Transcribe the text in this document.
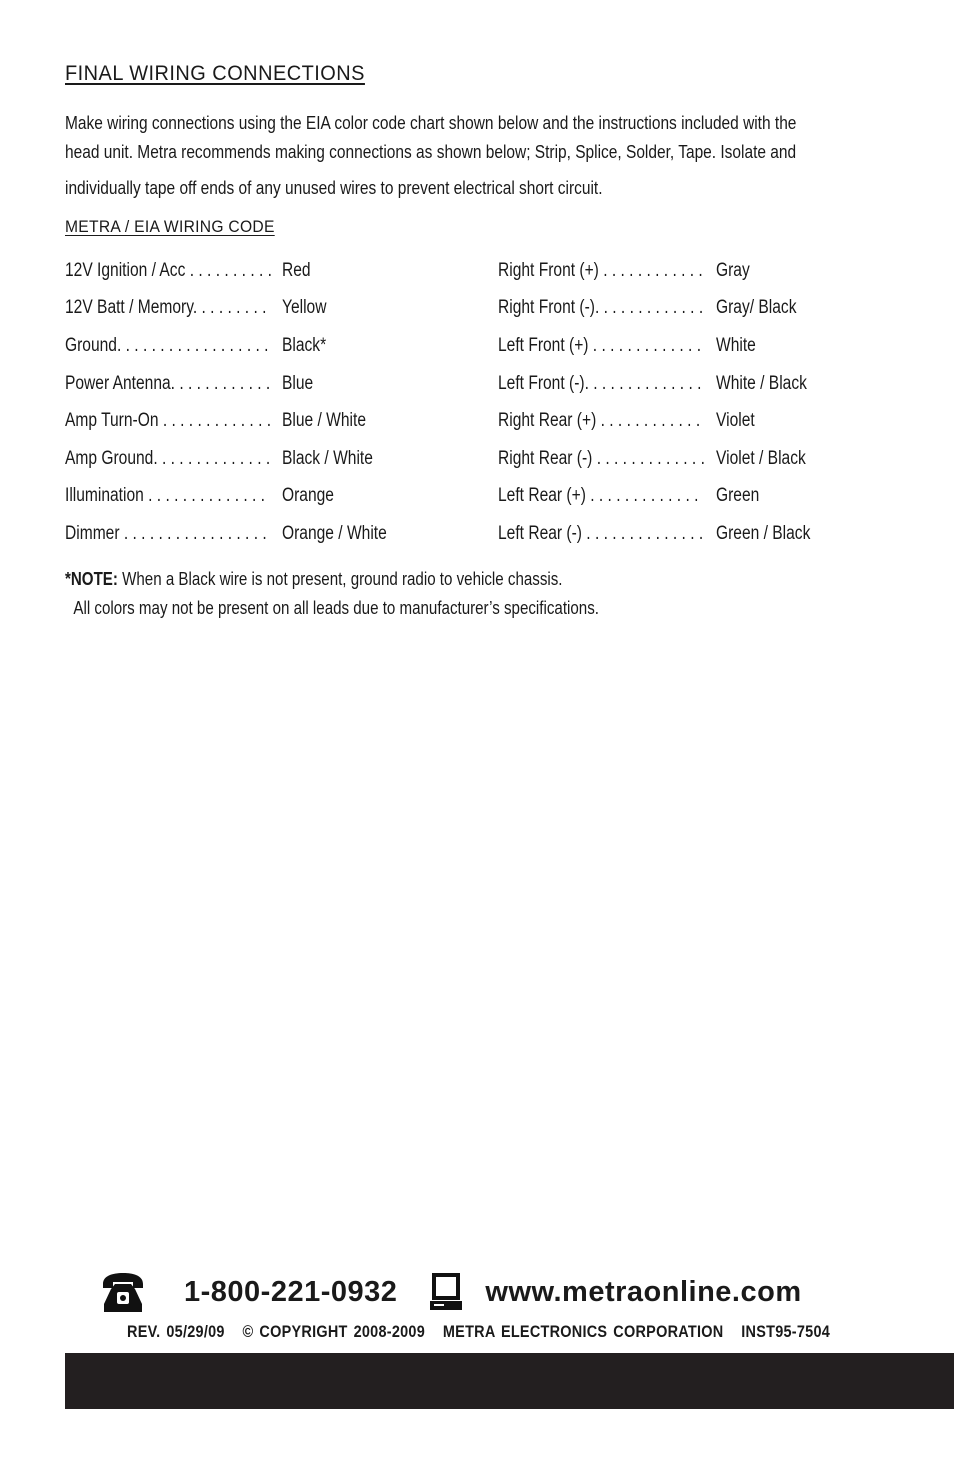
FINAL WIRING CONNECTIONS
Make wiring connections using the EIA color code chart shown below and the instructions included with the
head unit. Metra recommends making connections as shown below; Strip, Splice, Solder, Tape. Isolate and
individually tape off ends of any unused wires to prevent electrical short circuit.
METRA / EIA WIRING CODE
12V Ignition / Acc . . . . . . . . . . Red
12V Batt / Memory. . . . . . . . . Yellow
Ground. . . . . . . . . . . . . . . . . . Black*
Power Antenna. . . . . . . . . . . . Blue
Amp Turn-On . . . . . . . . . . . . . Blue / White
Amp Ground. . . . . . . . . . . . . . Black / White
Illumination . . . . . . . . . . . . . . Orange
Dimmer . . . . . . . . . . . . . . . . . Orange / White
Right Front (+) . . . . . . . . . . . . Gray
Right Front (-). . . . . . . . . . . . . Gray/ Black
Left Front (+) . . . . . . . . . . . . . White
Left Front (-). . . . . . . . . . . . . . White / Black
Right Rear (+) . . . . . . . . . . . . Violet
Right Rear (-) . . . . . . . . . . . . . Violet / Black
Left Rear (+) . . . . . . . . . . . . . Green
Left Rear (-) . . . . . . . . . . . . . . Green / Black
*NOTE: When a Black wire is not present, ground radio to vehicle chassis.
All colors may not be present on all leads due to manufacturer’s specifications.
1-800-221-0932	www.metraonline.com
REV. 05/29/09 © COPYRIGHT 2008-2009 METRA ELECTRONICS CORPORATION INST95-7504
